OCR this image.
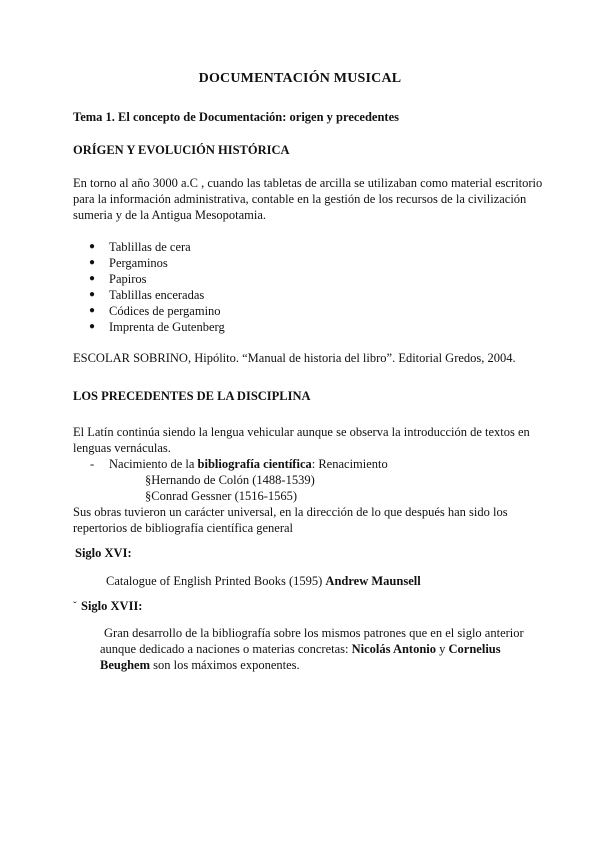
DOCUMENTACIÓN MUSICAL
Tema 1. El concepto de Documentación: origen y precedentes
ORÍGEN Y EVOLUCIÓN HISTÓRICA
En torno al año 3000 a.C , cuando las tabletas de arcilla se utilizaban como material escritorio
para la información administrativa, contable en la gestión de los recursos de la civilización
sumeria y de la Antigua Mesopotamia.
● Tablillas de cera
● Pergaminos
● Papiros
● Tablillas enceradas
● Códices de pergamino
● Imprenta de Gutenberg
ESCOLAR SOBRINO, Hipólito. “Manual de historia del libro”. Editorial Gredos, 2004.
LOS PRECEDENTES DE LA DISCIPLINA
El Latín continúa siendo la lengua vehicular aunque se observa la introducción de textos en
lenguas vernáculas.
- Nacimiento de la bibliografía científica: Renacimiento
§Hernando de Colón (1488-1539)
§Conrad Gessner (1516-1565)
Sus obras tuvieron un carácter universal, en la dirección de lo que después han sido los
repertorios de bibliografía científica general
Siglo XVI:
Catalogue of English Printed Books (1595) Andrew Maunsell
ˇ Siglo XVII:
Gran desarrollo de la bibliografía sobre los mismos patrones que en el siglo anterior
aunque dedicado a naciones o materias concretas: Nicolás Antonio y Cornelius
Beughem son los máximos exponentes.
